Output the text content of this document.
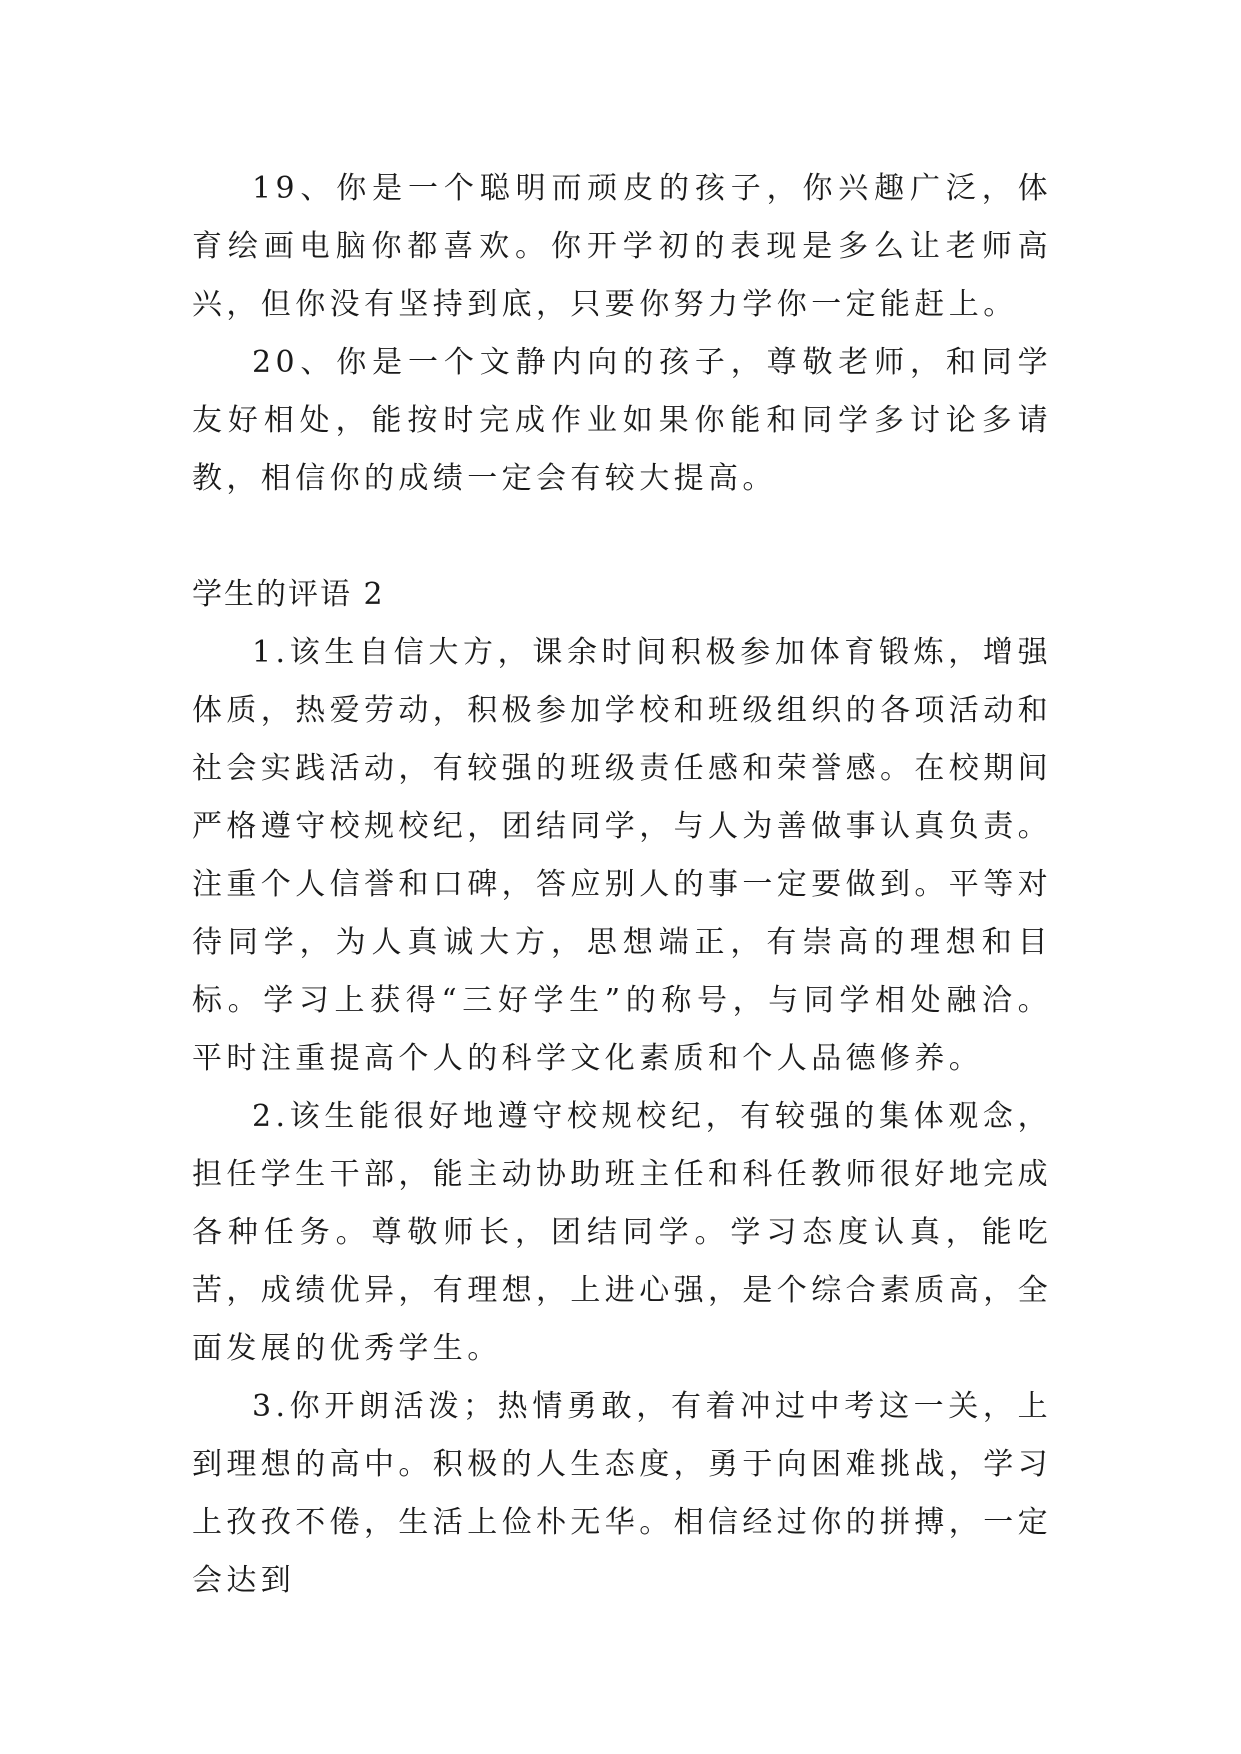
19、你是一个聪明而顽皮的孩子，你兴趣广泛，体育绘画电脑你都喜欢。你开学初的表现是多么让老师高兴，但你没有坚持到底，只要你努力学你一定能赶上。

20、你是一个文静内向的孩子，尊敬老师，和同学友好相处，能按时完成作业如果你能和同学多讨论多请教，相信你的成绩一定会有较大提高。

学生的评语 2

1.该生自信大方，课余时间积极参加体育锻炼，增强体质，热爱劳动，积极参加学校和班级组织的各项活动和社会实践活动，有较强的班级责任感和荣誉感。在校期间严格遵守校规校纪，团结同学，与人为善做事认真负责。注重个人信誉和口碑，答应别人的事一定要做到。平等对待同学，为人真诚大方，思想端正，有崇高的理想和目标。学习上获得“三好学生”的称号，与同学相处融洽。平时注重提高个人的科学文化素质和个人品德修养。

2.该生能很好地遵守校规校纪，有较强的集体观念，担任学生干部，能主动协助班主任和科任教师很好地完成各种任务。尊敬师长，团结同学。学习态度认真，能吃苦，成绩优异，有理想，上进心强，是个综合素质高，全面发展的优秀学生。

3.你开朗活泼；热情勇敢，有着冲过中考这一关，上到理想的高中。积极的人生态度，勇于向困难挑战，学习上孜孜不倦，生活上俭朴无华。相信经过你的拼搏，一定会达到
